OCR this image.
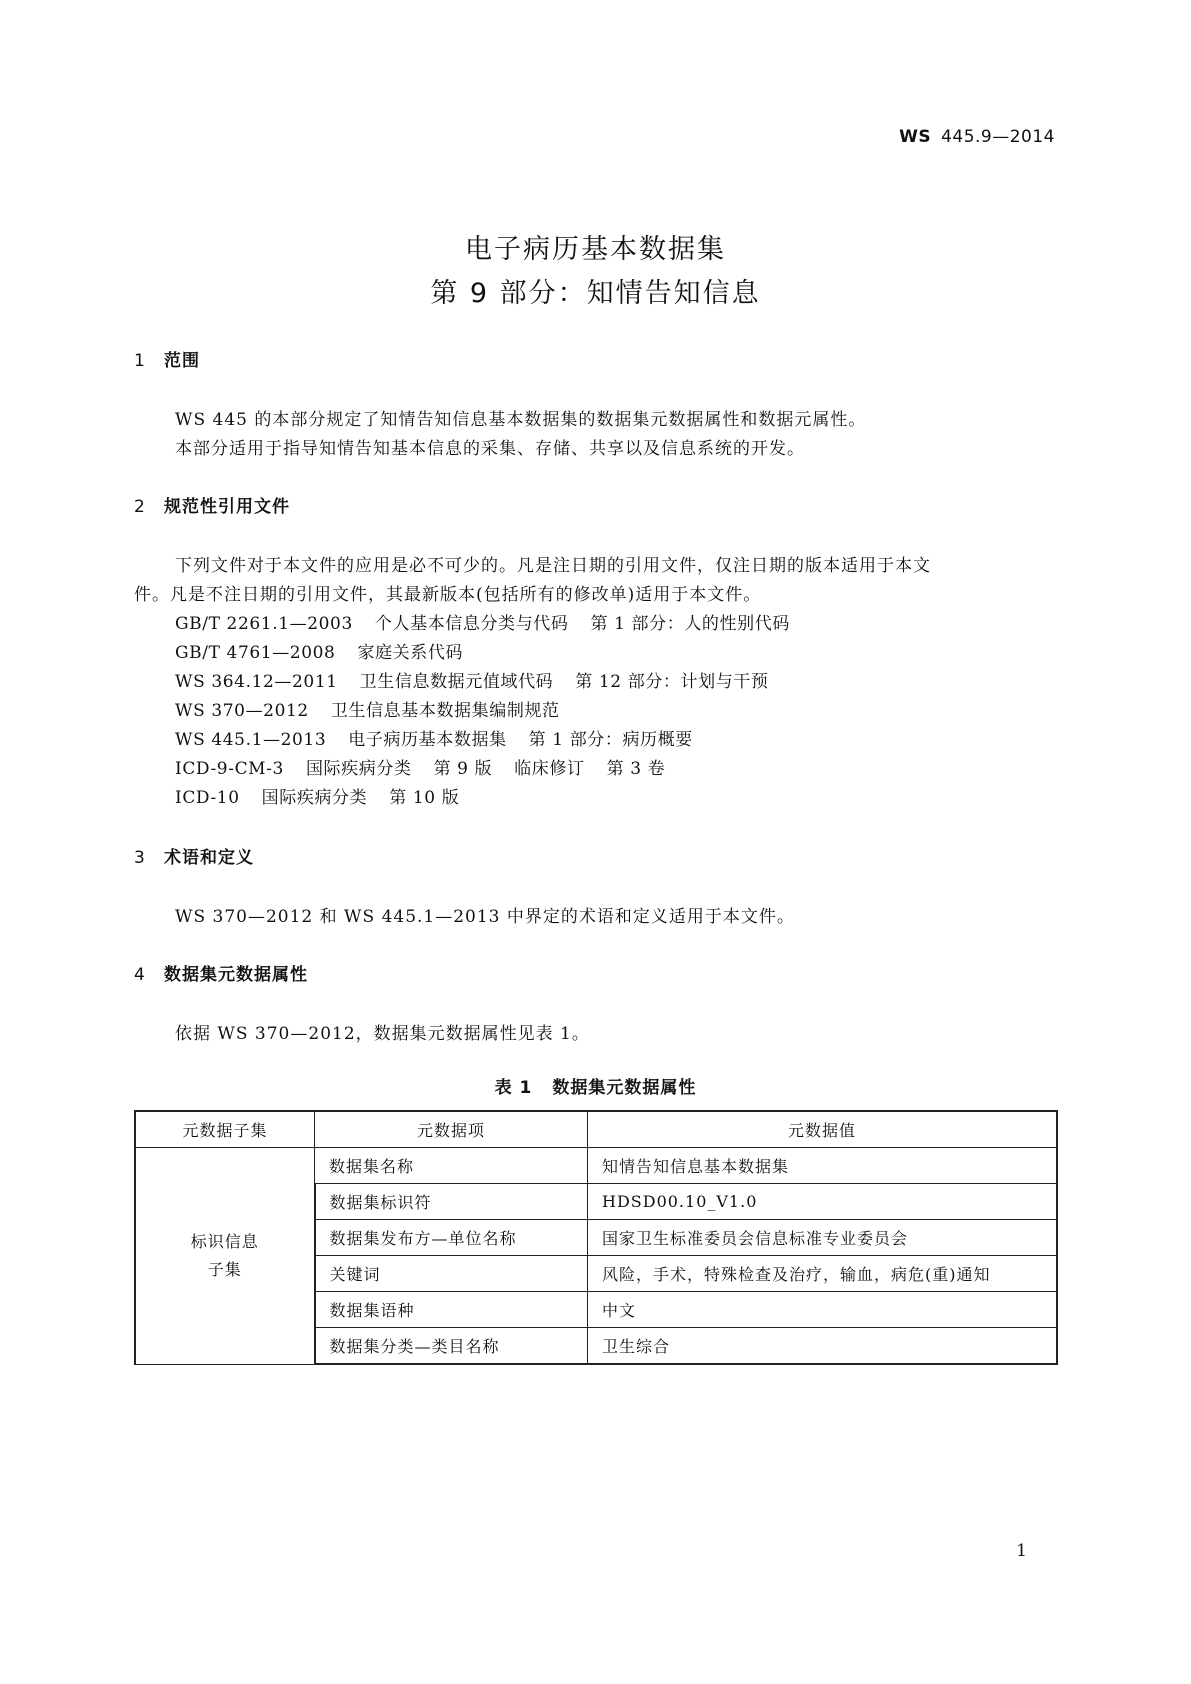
WS 445.9—2014
电子病历基本数据集
第 9 部分：知情告知信息
1 范围
WS 445 的本部分规定了知情告知信息基本数据集的数据集元数据属性和数据元属性。
本部分适用于指导知情告知基本信息的采集、存储、共享以及信息系统的开发。
2 规范性引用文件
下列文件对于本文件的应用是必不可少的。凡是注日期的引用文件，仅注日期的版本适用于本文
件。凡是不注日期的引用文件，其最新版本(包括所有的修改单)适用于本文件。
GB/T 2261.1—2003 个人基本信息分类与代码 第 1 部分：人的性别代码
GB/T 4761—2008 家庭关系代码
WS 364.12—2011 卫生信息数据元值域代码 第 12 部分：计划与干预
WS 370—2012 卫生信息基本数据集编制规范
WS 445.1—2013 电子病历基本数据集 第 1 部分：病历概要
ICD-9-CM-3 国际疾病分类 第 9 版 临床修订 第 3 卷
ICD-10 国际疾病分类 第 10 版
3 术语和定义
WS 370—2012 和 WS 445.1—2013 中界定的术语和定义适用于本文件。
4 数据集元数据属性
依据 WS 370—2012，数据集元数据属性见表 1。
表 1 数据集元数据属性
元数据子集	元数据项	元数据值

标识信息
子集	数据集名称	知情告知信息基本数据集
	数据集标识符	HDSD00.10_V1.0
	数据集发布方—单位名称	国家卫生标准委员会信息标准专业委员会
	关键词	风险，手术，特殊检查及治疗，输血，病危(重)通知
	数据集语种	中文
	数据集分类—类目名称	卫生综合
1
